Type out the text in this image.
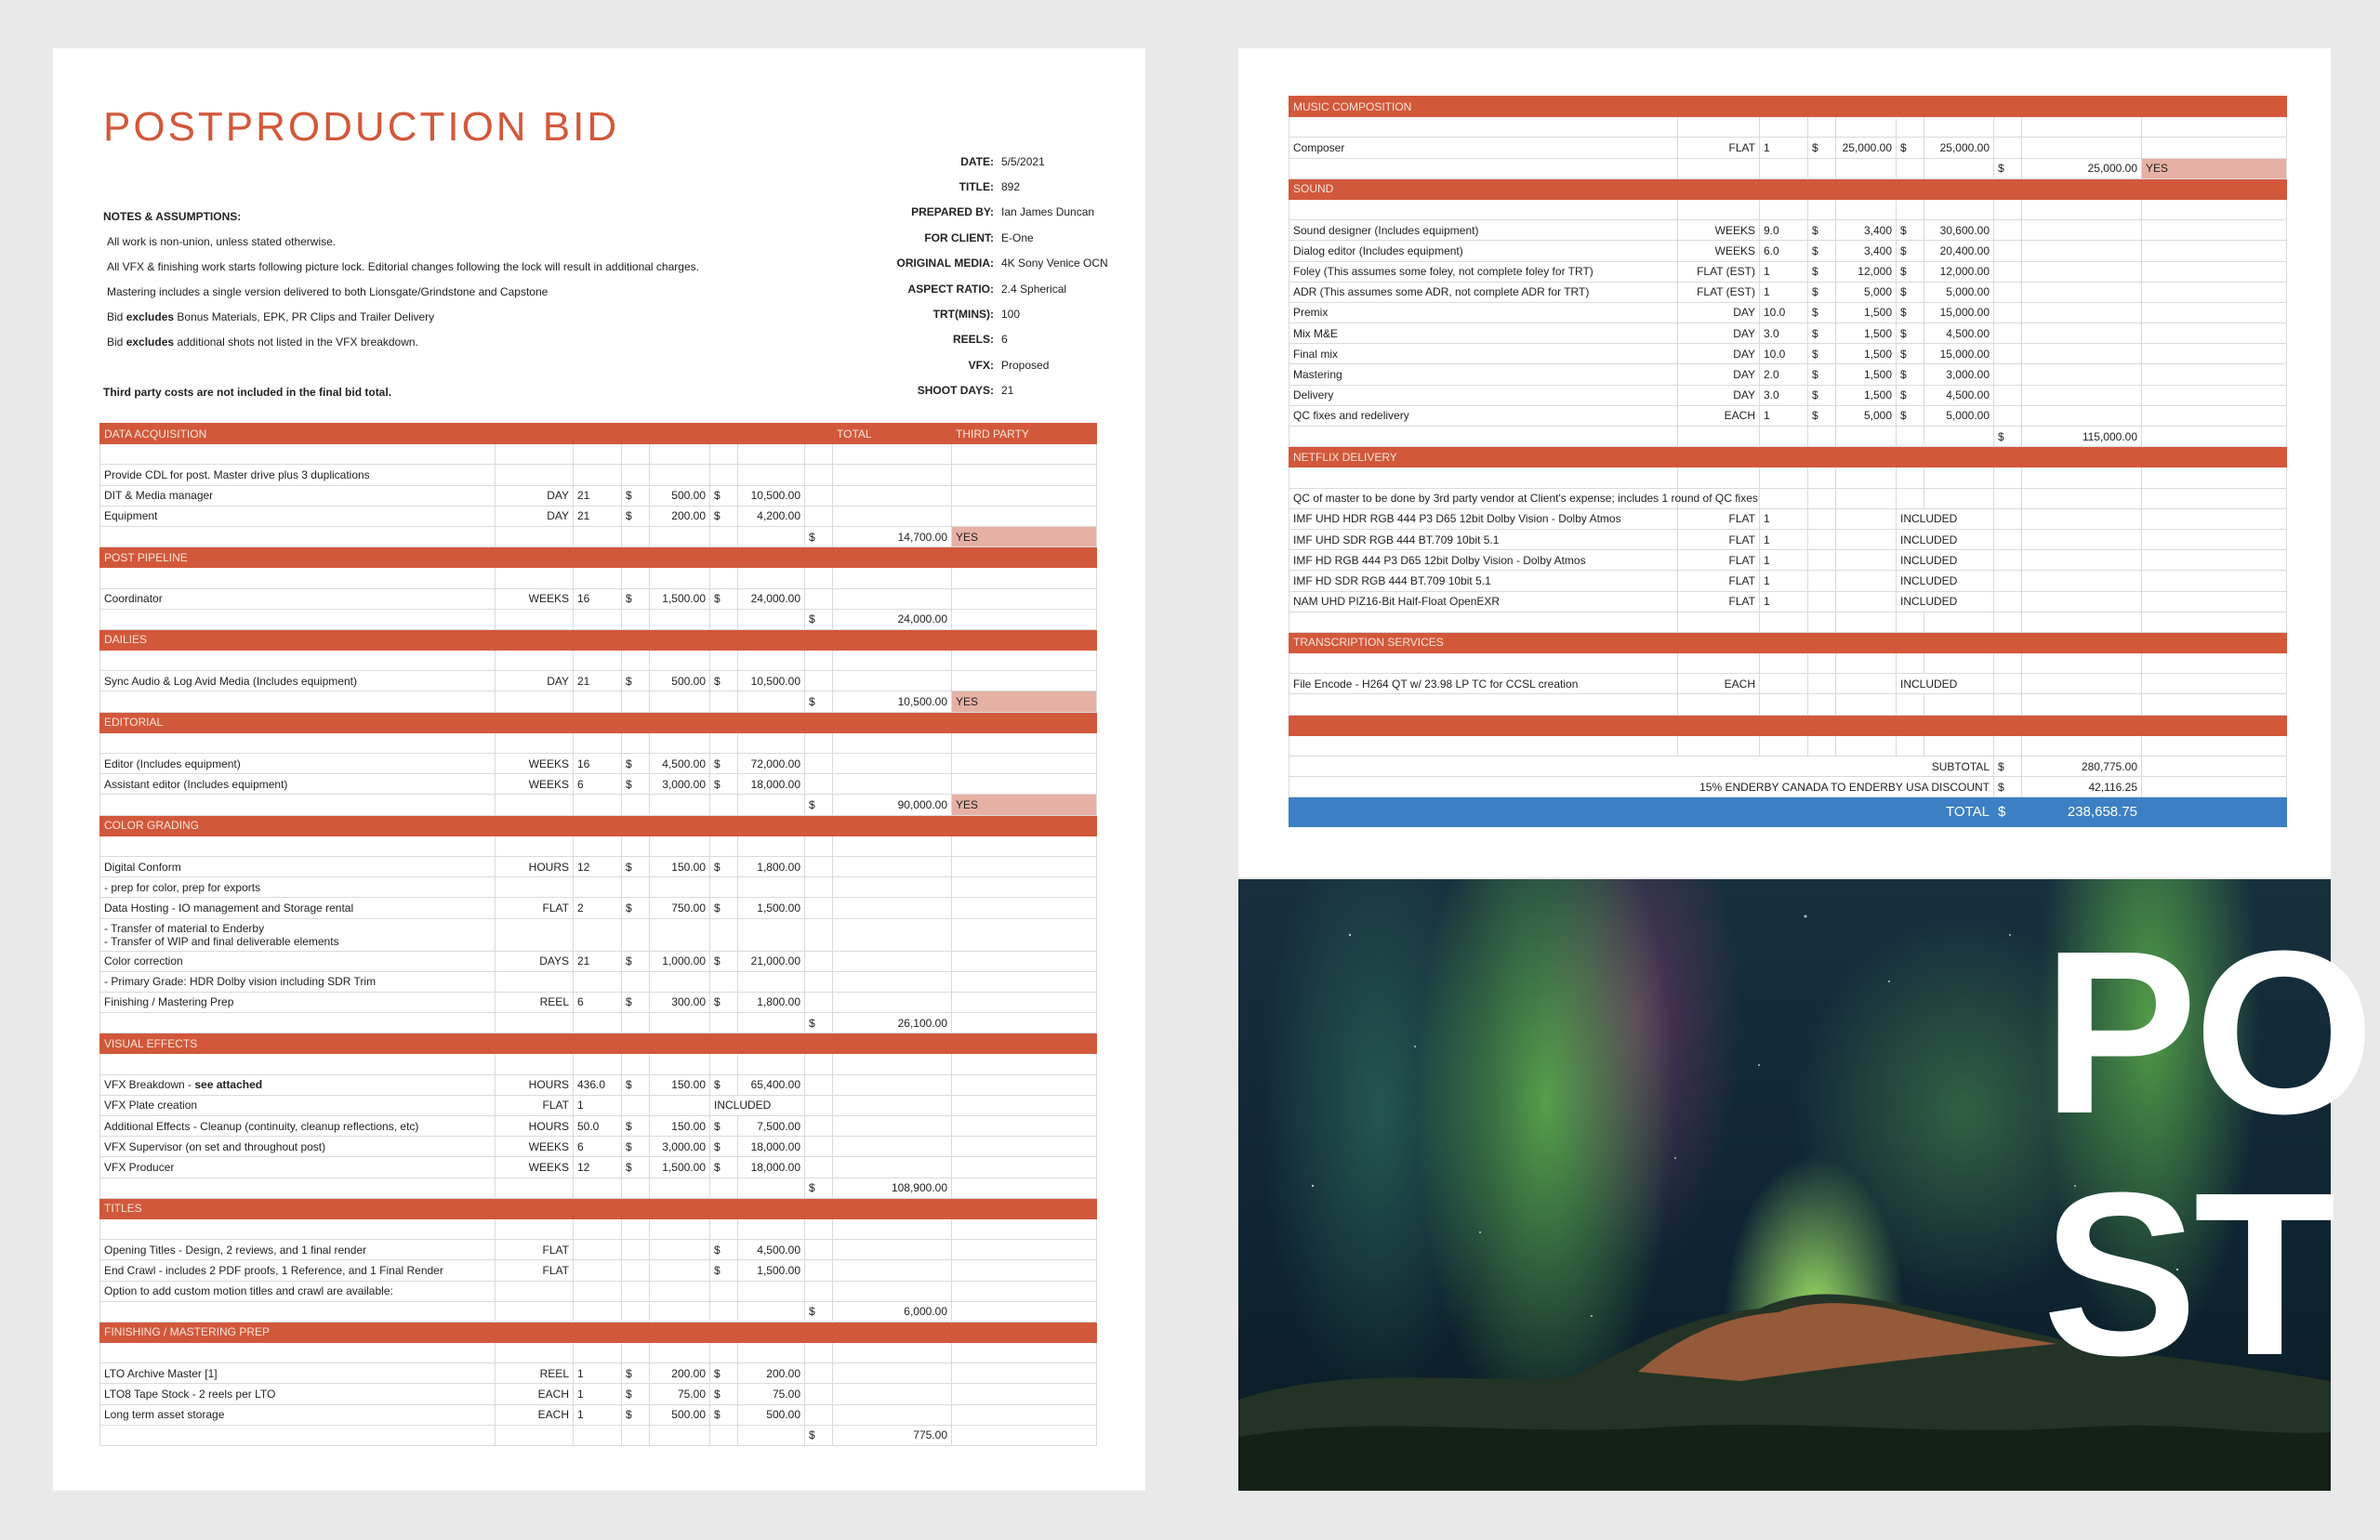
POSTPRODUCTION BID
DATE: 5/5/2021
TITLE: 892
PREPARED BY: Ian James Duncan
FOR CLIENT: E-One
ORIGINAL MEDIA: 4K Sony Venice OCN
ASPECT RATIO: 2.4 Spherical
TRT(MINS): 100
REELS: 6
VFX: Proposed
SHOOT DAYS: 21
NOTES & ASSUMPTIONS:
All work is non-union, unless stated otherwise.
All VFX & finishing work starts following picture lock. Editorial changes following the lock will result in additional charges.
Mastering includes a single version delivered to both Lionsgate/Grindstone and Capstone
Bid excludes Bonus Materials, EPK, PR Clips and Trailer Delivery
Bid excludes additional shots not listed in the VFX breakdown.
Third party costs are not included in the final bid total.
DATA ACQUISITION								TOTAL	THIRD PARTY

Provide CDL for post. Master drive plus 3 duplications									
DIT & Media manager	DAY	21	$	500.00	$	10,500.00			
Equipment	DAY	21	$	200.00	$	4,200.00			
							$	14,700.00	YES
POST PIPELINE									

Coordinator	WEEKS	16	$	1,500.00	$	24,000.00			
							$	24,000.00	
DAILIES									

Sync Audio & Log Avid Media (Includes equipment)	DAY	21	$	500.00	$	10,500.00			
							$	10,500.00	YES
EDITORIAL									

Editor (Includes equipment)	WEEKS	16	$	4,500.00	$	72,000.00			
Assistant editor (Includes equipment)	WEEKS	6	$	3,000.00	$	18,000.00			
							$	90,000.00	YES
COLOR GRADING									

Digital Conform	HOURS	12	$	150.00	$	1,800.00			
- prep for color, prep for exports									
Data Hosting - IO management and Storage rental	FLAT	2	$	750.00	$	1,500.00			
- Transfer of material to Enderby
- Transfer of WIP and final deliverable elements									
Color correction	DAYS	21	$	1,000.00	$	21,000.00			
- Primary Grade: HDR Dolby vision including SDR Trim									
Finishing / Mastering Prep	REEL	6	$	300.00	$	1,800.00			
							$	26,100.00	
VISUAL EFFECTS									

VFX Breakdown - see attached	HOURS	436.0	$	150.00	$	65,400.00			
VFX Plate creation	FLAT	1			INCLUDED				
Additional Effects - Cleanup (continuity, cleanup reflections, etc)	HOURS	50.0	$	150.00	$	7,500.00			
VFX Supervisor (on set and throughout post)	WEEKS	6	$	3,000.00	$	18,000.00			
VFX Producer	WEEKS	12	$	1,500.00	$	18,000.00			
							$	108,900.00	
TITLES									

Opening Titles - Design, 2 reviews, and 1 final render	FLAT				$	4,500.00			
End Crawl - includes 2 PDF proofs, 1 Reference, and 1 Final Render	FLAT				$	1,500.00			
Option to add custom motion titles and crawl are available:									
							$	6,000.00	
FINISHING / MASTERING PREP									

LTO Archive Master [1]	REEL	1	$	200.00	$	200.00			
LTO8 Tape Stock - 2 reels per LTO	EACH	1	$	75.00	$	75.00			
Long term asset storage	EACH	1	$	500.00	$	500.00			
							$	775.00	
MUSIC COMPOSITION									

Composer	FLAT	1	$	25,000.00	$	25,000.00			
							$	25,000.00	YES
SOUND									

Sound designer (Includes equipment)	WEEKS	9.0	$	3,400	$	30,600.00			
Dialog editor (Includes equipment)	WEEKS	6.0	$	3,400	$	20,400.00			
Foley (This assumes some foley, not complete foley for TRT)	FLAT (EST)	1	$	12,000	$	12,000.00			
ADR (This assumes some ADR, not complete ADR for TRT)	FLAT (EST)	1	$	5,000	$	5,000.00			
Premix	DAY	10.0	$	1,500	$	15,000.00			
Mix M&E	DAY	3.0	$	1,500	$	4,500.00			
Final mix	DAY	10.0	$	1,500	$	15,000.00			
Mastering	DAY	2.0	$	1,500	$	3,000.00			
Delivery	DAY	3.0	$	1,500	$	4,500.00			
QC fixes and redelivery	EACH	1	$	5,000	$	5,000.00			
							$	115,000.00	
NETFLIX DELIVERY									

QC of master to be done by 3rd party vendor at Client's expense; includes 1 round of QC fixes									
IMF UHD HDR RGB 444 P3 D65 12bit Dolby Vision - Dolby Atmos	FLAT	1			INCLUDED				
IMF UHD SDR RGB 444 BT.709 10bit 5.1	FLAT	1			INCLUDED				
IMF HD RGB 444 P3 D65 12bit Dolby Vision - Dolby Atmos	FLAT	1			INCLUDED				
IMF HD SDR RGB 444 BT.709 10bit 5.1	FLAT	1			INCLUDED				
NAM UHD PIZ16-Bit Half-Float OpenEXR	FLAT	1			INCLUDED				

TRANSCRIPTION SERVICES									

File Encode - H264 QT w/ 23.98 LP TC for CCSL creation	EACH				INCLUDED				

SUBTOTAL							$	280,775.00	
15% ENDERBY CANADA TO ENDERBY USA DISCOUNT							$	42,116.25	
TOTAL							$	238,658.75	
PO
ST
